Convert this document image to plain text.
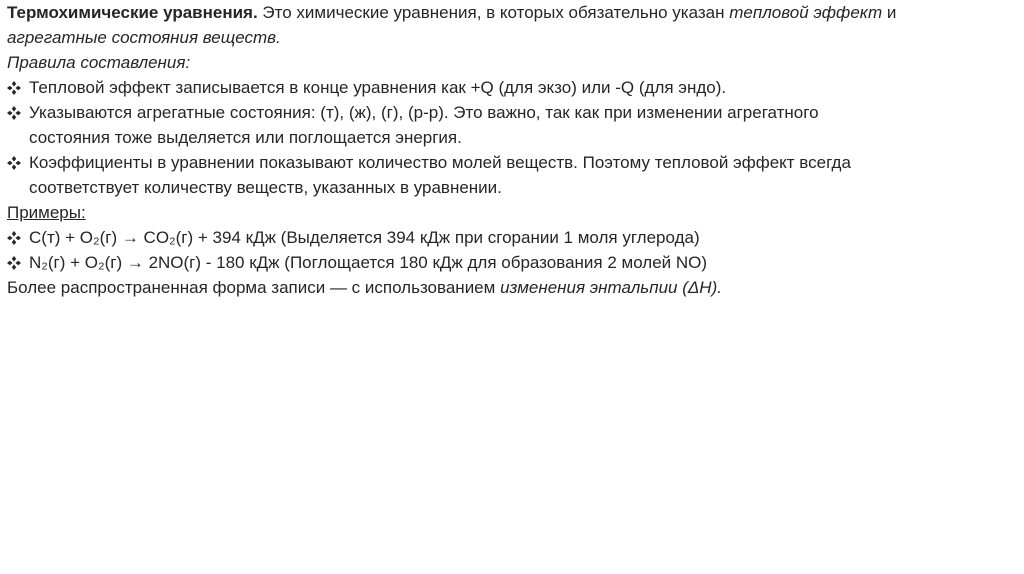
Термохимические уравнения. Это химические уравнения, в которых обязательно указан тепловой эффект и
агрегатные состояния веществ.
Правила составления:
Тепловой эффект записывается в конце уравнения как +Q (для экзо) или -Q (для эндо).
Указываются агрегатные состояния: (т), (ж), (г), (р-р). Это важно, так как при изменении агрегатного
состояния тоже выделяется или поглощается энергия.
Коэффициенты в уравнении показывают количество молей веществ. Поэтому тепловой эффект всегда
соответствует количеству веществ, указанных в уравнении.
Примеры:
C(т) + O₂(г) → CO₂(г) + 394 кДж (Выделяется 394 кДж при сгорании 1 моля углерода)
N₂(г) + O₂(г) → 2NO(г) - 180 кДж (Поглощается 180 кДж для образования 2 молей NO)
Более распространенная форма записи — с использованием изменения энтальпии (ΔH).
